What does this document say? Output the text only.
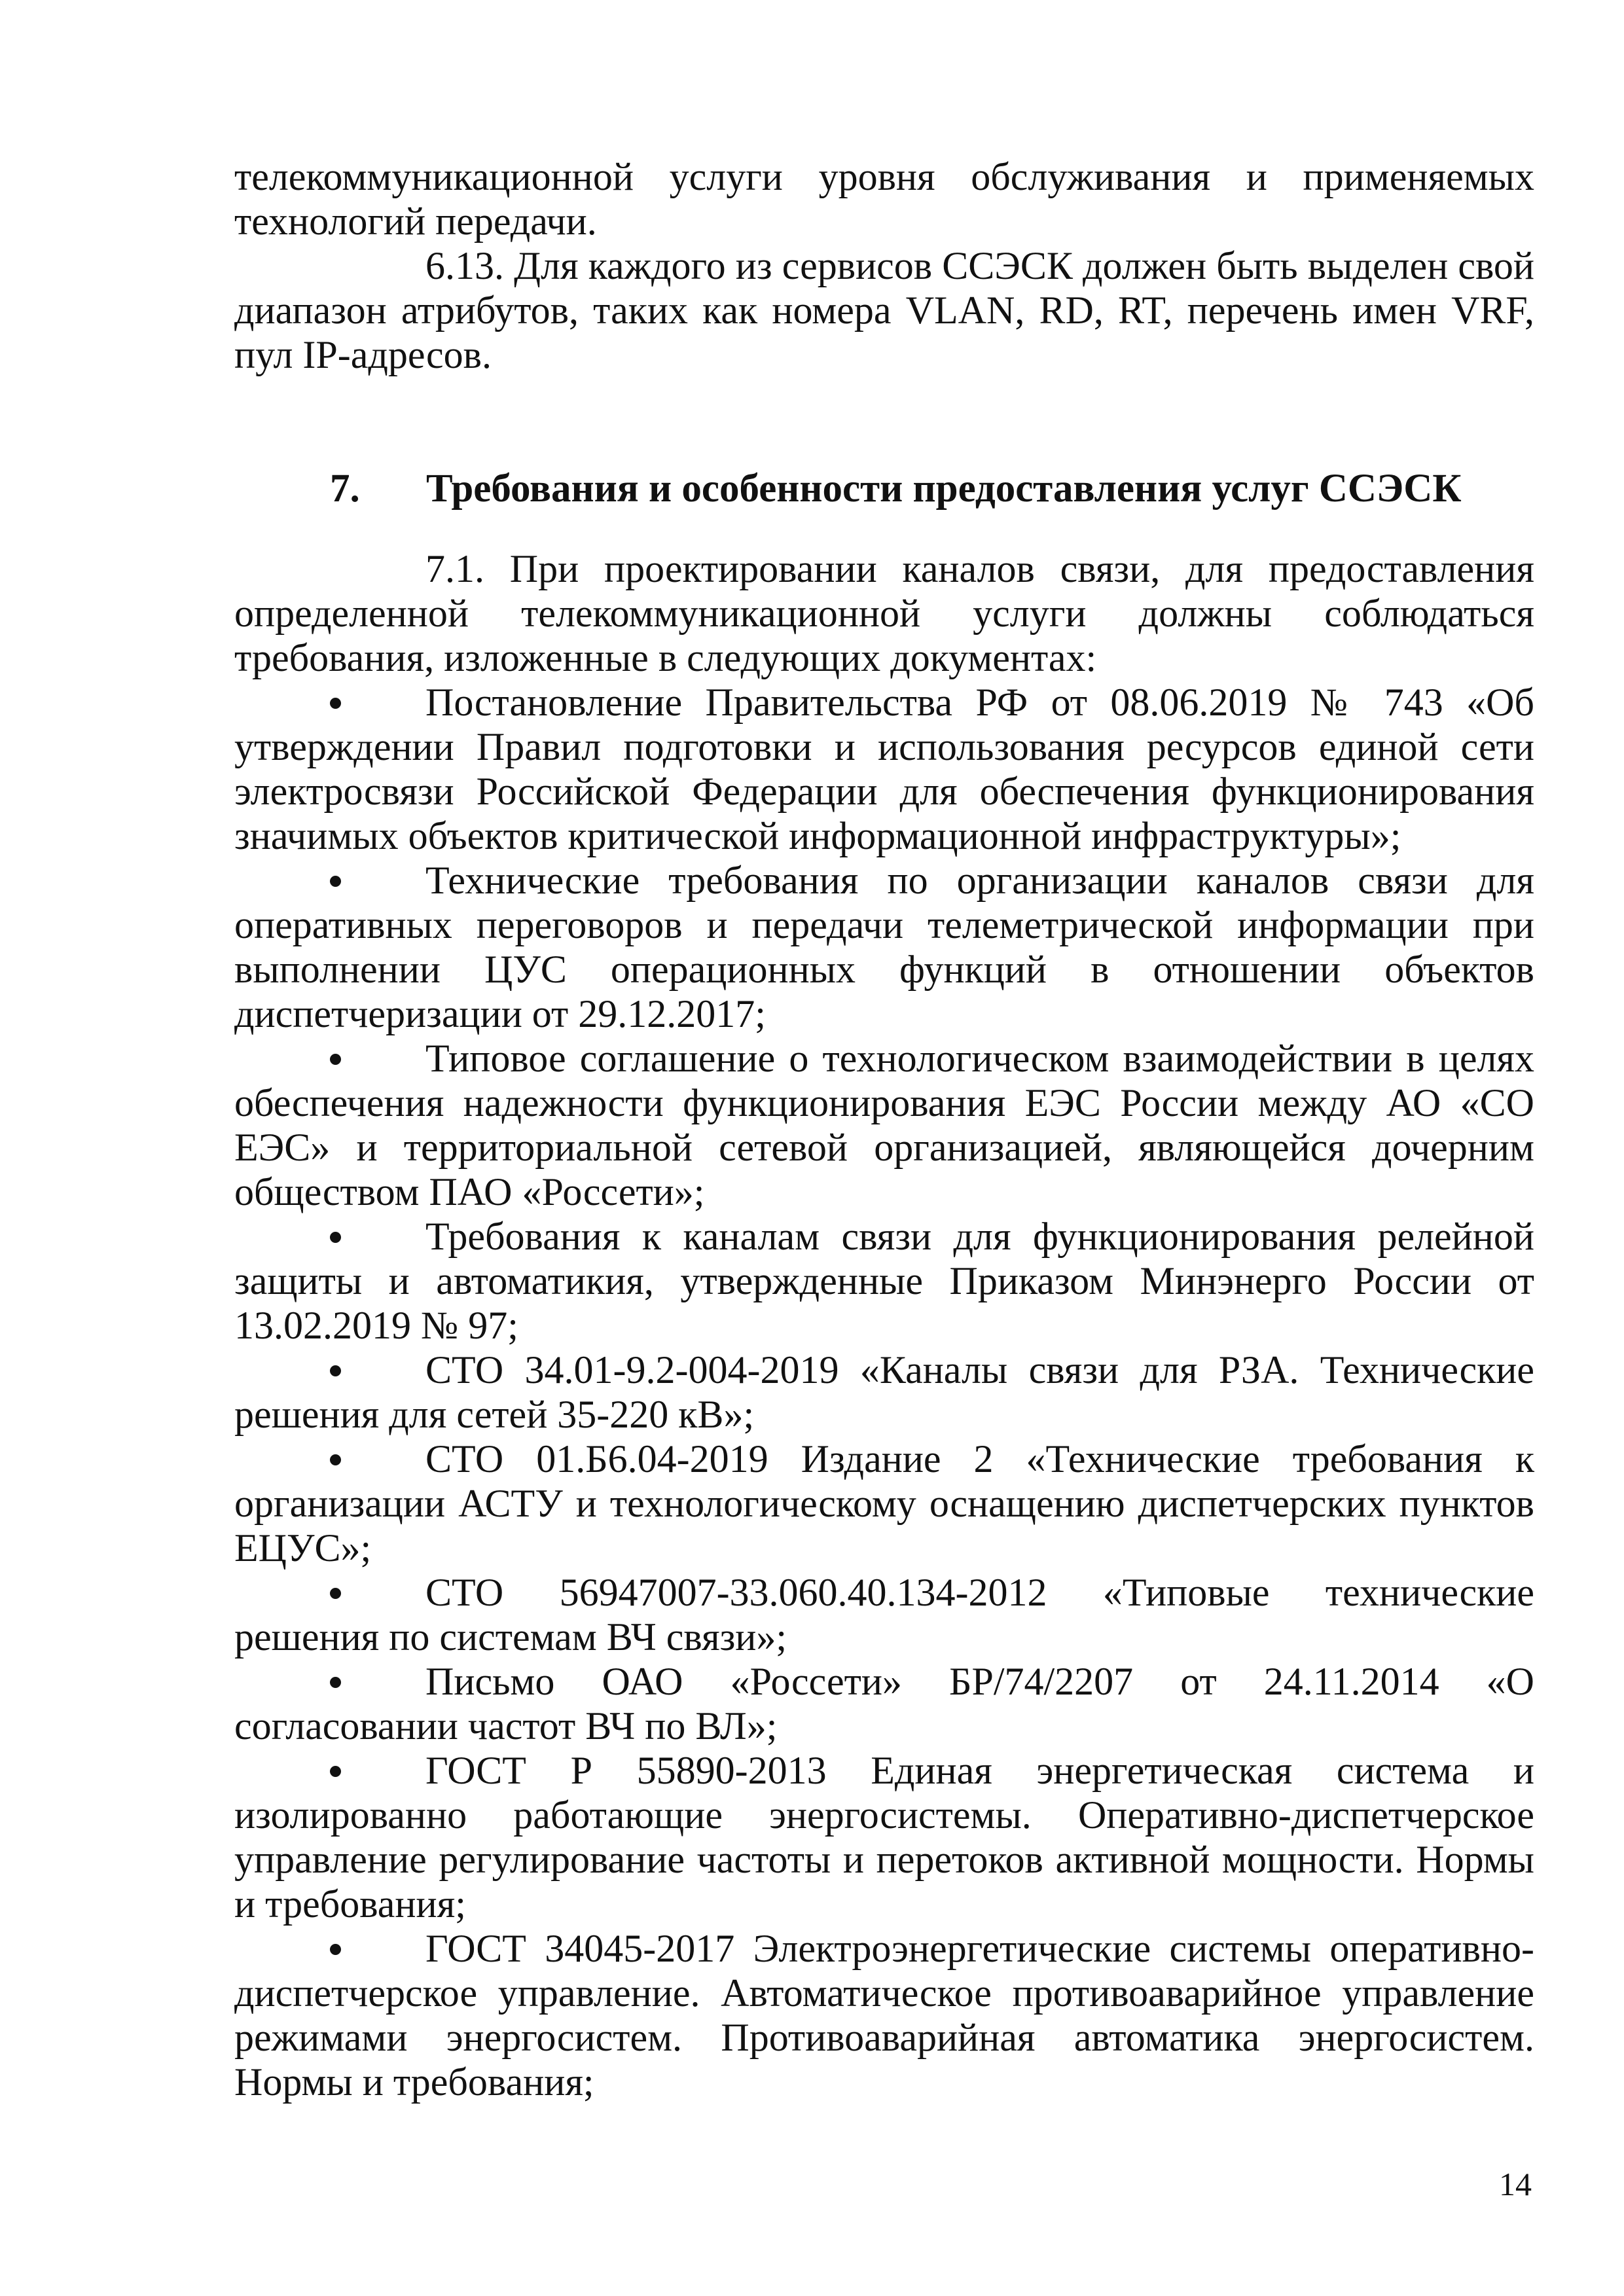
телекоммуникационной услуги уровня обслуживания и применяемых технологий передачи.

6.13. Для каждого из сервисов ССЭСК должен быть выделен свой диапазон атрибутов, таких как номера VLAN, RD, RT, перечень имен VRF, пул IP-адресов.

7. Требования и особенности предоставления услуг ССЭСК

7.1. При проектировании каналов связи, для предоставления определенной телекоммуникационной услуги должны соблюдаться требования, изложенные в следующих документах:

Постановление Правительства РФ от 08.06.2019 № 743 «Об утверждении Правил подготовки и использования ресурсов единой сети электросвязи Российской Федерации для обеспечения функционирования значимых объектов критической информационной инфраструктуры»;

Технические требования по организации каналов связи для оперативных переговоров и передачи телеметрической информации при выполнении ЦУС операционных функций в отношении объектов диспетчеризации от 29.12.2017;

Типовое соглашение о технологическом взаимодействии в целях обеспечения надежности функционирования ЕЭС России между АО «СО ЕЭС» и территориальной сетевой организацией, являющейся дочерним обществом ПАО «Россети»;

Требования к каналам связи для функционирования релейной защиты и автоматикия, утвержденные Приказом Минэнерго России от 13.02.2019 № 97;

СТО 34.01-9.2-004-2019 «Каналы связи для РЗА. Технические решения для сетей 35-220 кВ»;

СТО 01.Б6.04-2019 Издание 2 «Технические требования к организации АСТУ и технологическому оснащению диспетчерских пунктов ЕЦУС»;

СТО 56947007-33.060.40.134-2012 «Типовые технические решения по системам ВЧ связи»;

Письмо ОАО «Россети» БР/74/2207 от 24.11.2014 «О согласовании частот ВЧ по ВЛ»;

ГОСТ Р 55890-2013 Единая энергетическая система и изолированно работающие энергосистемы. Оперативно-диспетчерское управление регулирование частоты и перетоков активной мощности. Нормы и требования;

ГОСТ 34045-2017 Электроэнергетические системы оперативно-диспетчерское управление. Автоматическое противоаварийное управление режимами энергосистем. Противоаварийная автоматика энергосистем. Нормы и требования;

14
